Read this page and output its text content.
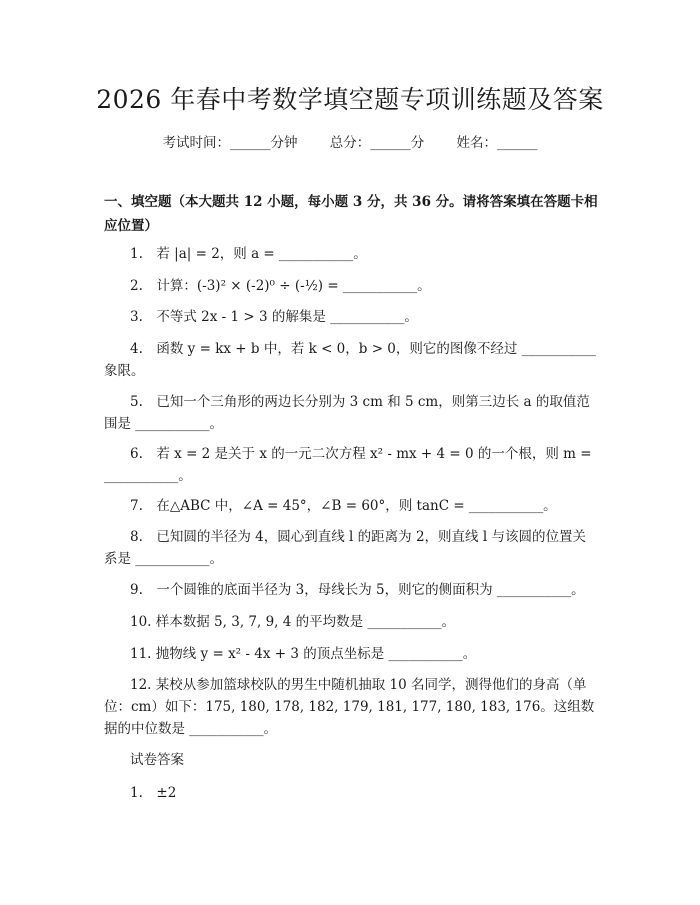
2026 年春中考数学填空题专项训练题及答案
考试时间：______分钟 总分：______分 姓名：______
一、填空题（本大题共 12 小题，每小题 3 分，共 36 分。请将答案填在答题卡相应位置）
1.　若 |a| = 2，则 a = ___________。
2.　计算：(-3)² × (-2)⁰ ÷ (-½) = ___________。
3.　不等式 2x - 1 > 3 的解集是 ___________。
4.　函数 y = kx + b 中，若 k < 0，b > 0，则它的图像不经过 ___________ 象限。
5.　已知一个三角形的两边长分别为 3 cm 和 5 cm，则第三边长 a 的取值范围是 ___________。
6.　若 x = 2 是关于 x 的一元二次方程 x² - mx + 4 = 0 的一个根，则 m = ___________。
7.　在△ABC 中，∠A = 45°，∠B = 60°，则 tanC = ___________。
8.　已知圆的半径为 4，圆心到直线 l 的距离为 2，则直线 l 与该圆的位置关系是 ___________。
9.　一个圆锥的底面半径为 3，母线长为 5，则它的侧面积为 ___________。
10. 样本数据 5, 3, 7, 9, 4 的平均数是 ___________。
11. 抛物线 y = x² - 4x + 3 的顶点坐标是 ___________。
12. 某校从参加篮球校队的男生中随机抽取 10 名同学，测得他们的身高（单位：cm）如下：175, 180, 178, 182, 179, 181, 177, 180, 183, 176。这组数据的中位数是 ___________。
试卷答案
1.　±2
